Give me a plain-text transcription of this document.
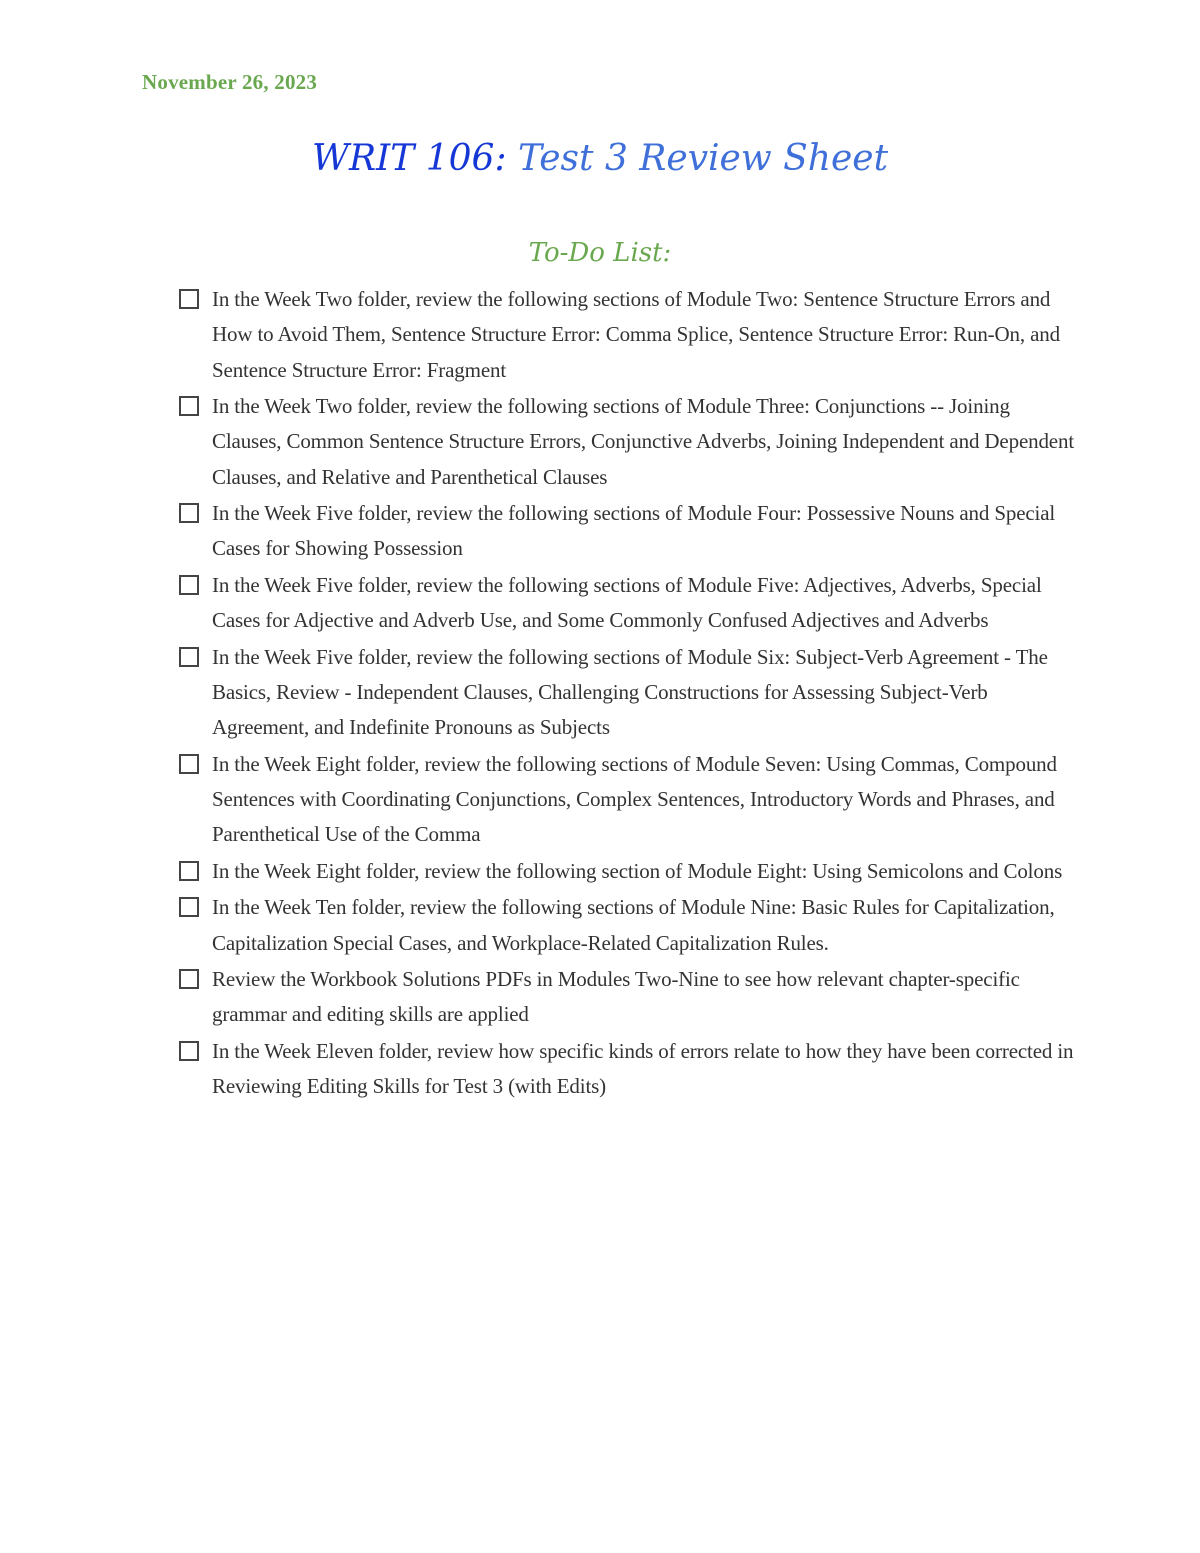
November 26, 2023
WRIT 106: Test 3 Review Sheet
To-Do List:
In the Week Two folder, review the following sections of Module Two: Sentence Structure Errors and How to Avoid Them, Sentence Structure Error: Comma Splice, Sentence Structure Error: Run-On, and Sentence Structure Error: Fragment
In the Week Two folder, review the following sections of Module Three: Conjunctions -- Joining Clauses, Common Sentence Structure Errors, Conjunctive Adverbs, Joining Independent and Dependent Clauses, and Relative and Parenthetical Clauses
In the Week Five folder, review the following sections of Module Four: Possessive Nouns and Special Cases for Showing Possession
In the Week Five folder, review the following sections of Module Five: Adjectives, Adverbs, Special Cases for Adjective and Adverb Use, and Some Commonly Confused Adjectives and Adverbs
In the Week Five folder, review the following sections of Module Six: Subject-Verb Agreement - The Basics, Review - Independent Clauses, Challenging Constructions for Assessing Subject-Verb Agreement, and Indefinite Pronouns as Subjects
In the Week Eight folder, review the following sections of Module Seven: Using Commas, Compound Sentences with Coordinating Conjunctions, Complex Sentences, Introductory Words and Phrases, and Parenthetical Use of the Comma
In the Week Eight folder, review the following section of Module Eight: Using Semicolons and Colons
In the Week Ten folder, review the following sections of Module Nine: Basic Rules for Capitalization, Capitalization Special Cases, and Workplace-Related Capitalization Rules.
Review the Workbook Solutions PDFs in Modules Two-Nine to see how relevant chapter-specific grammar and editing skills are applied
In the Week Eleven folder, review how specific kinds of errors relate to how they have been corrected in Reviewing Editing Skills for Test 3 (with Edits)
